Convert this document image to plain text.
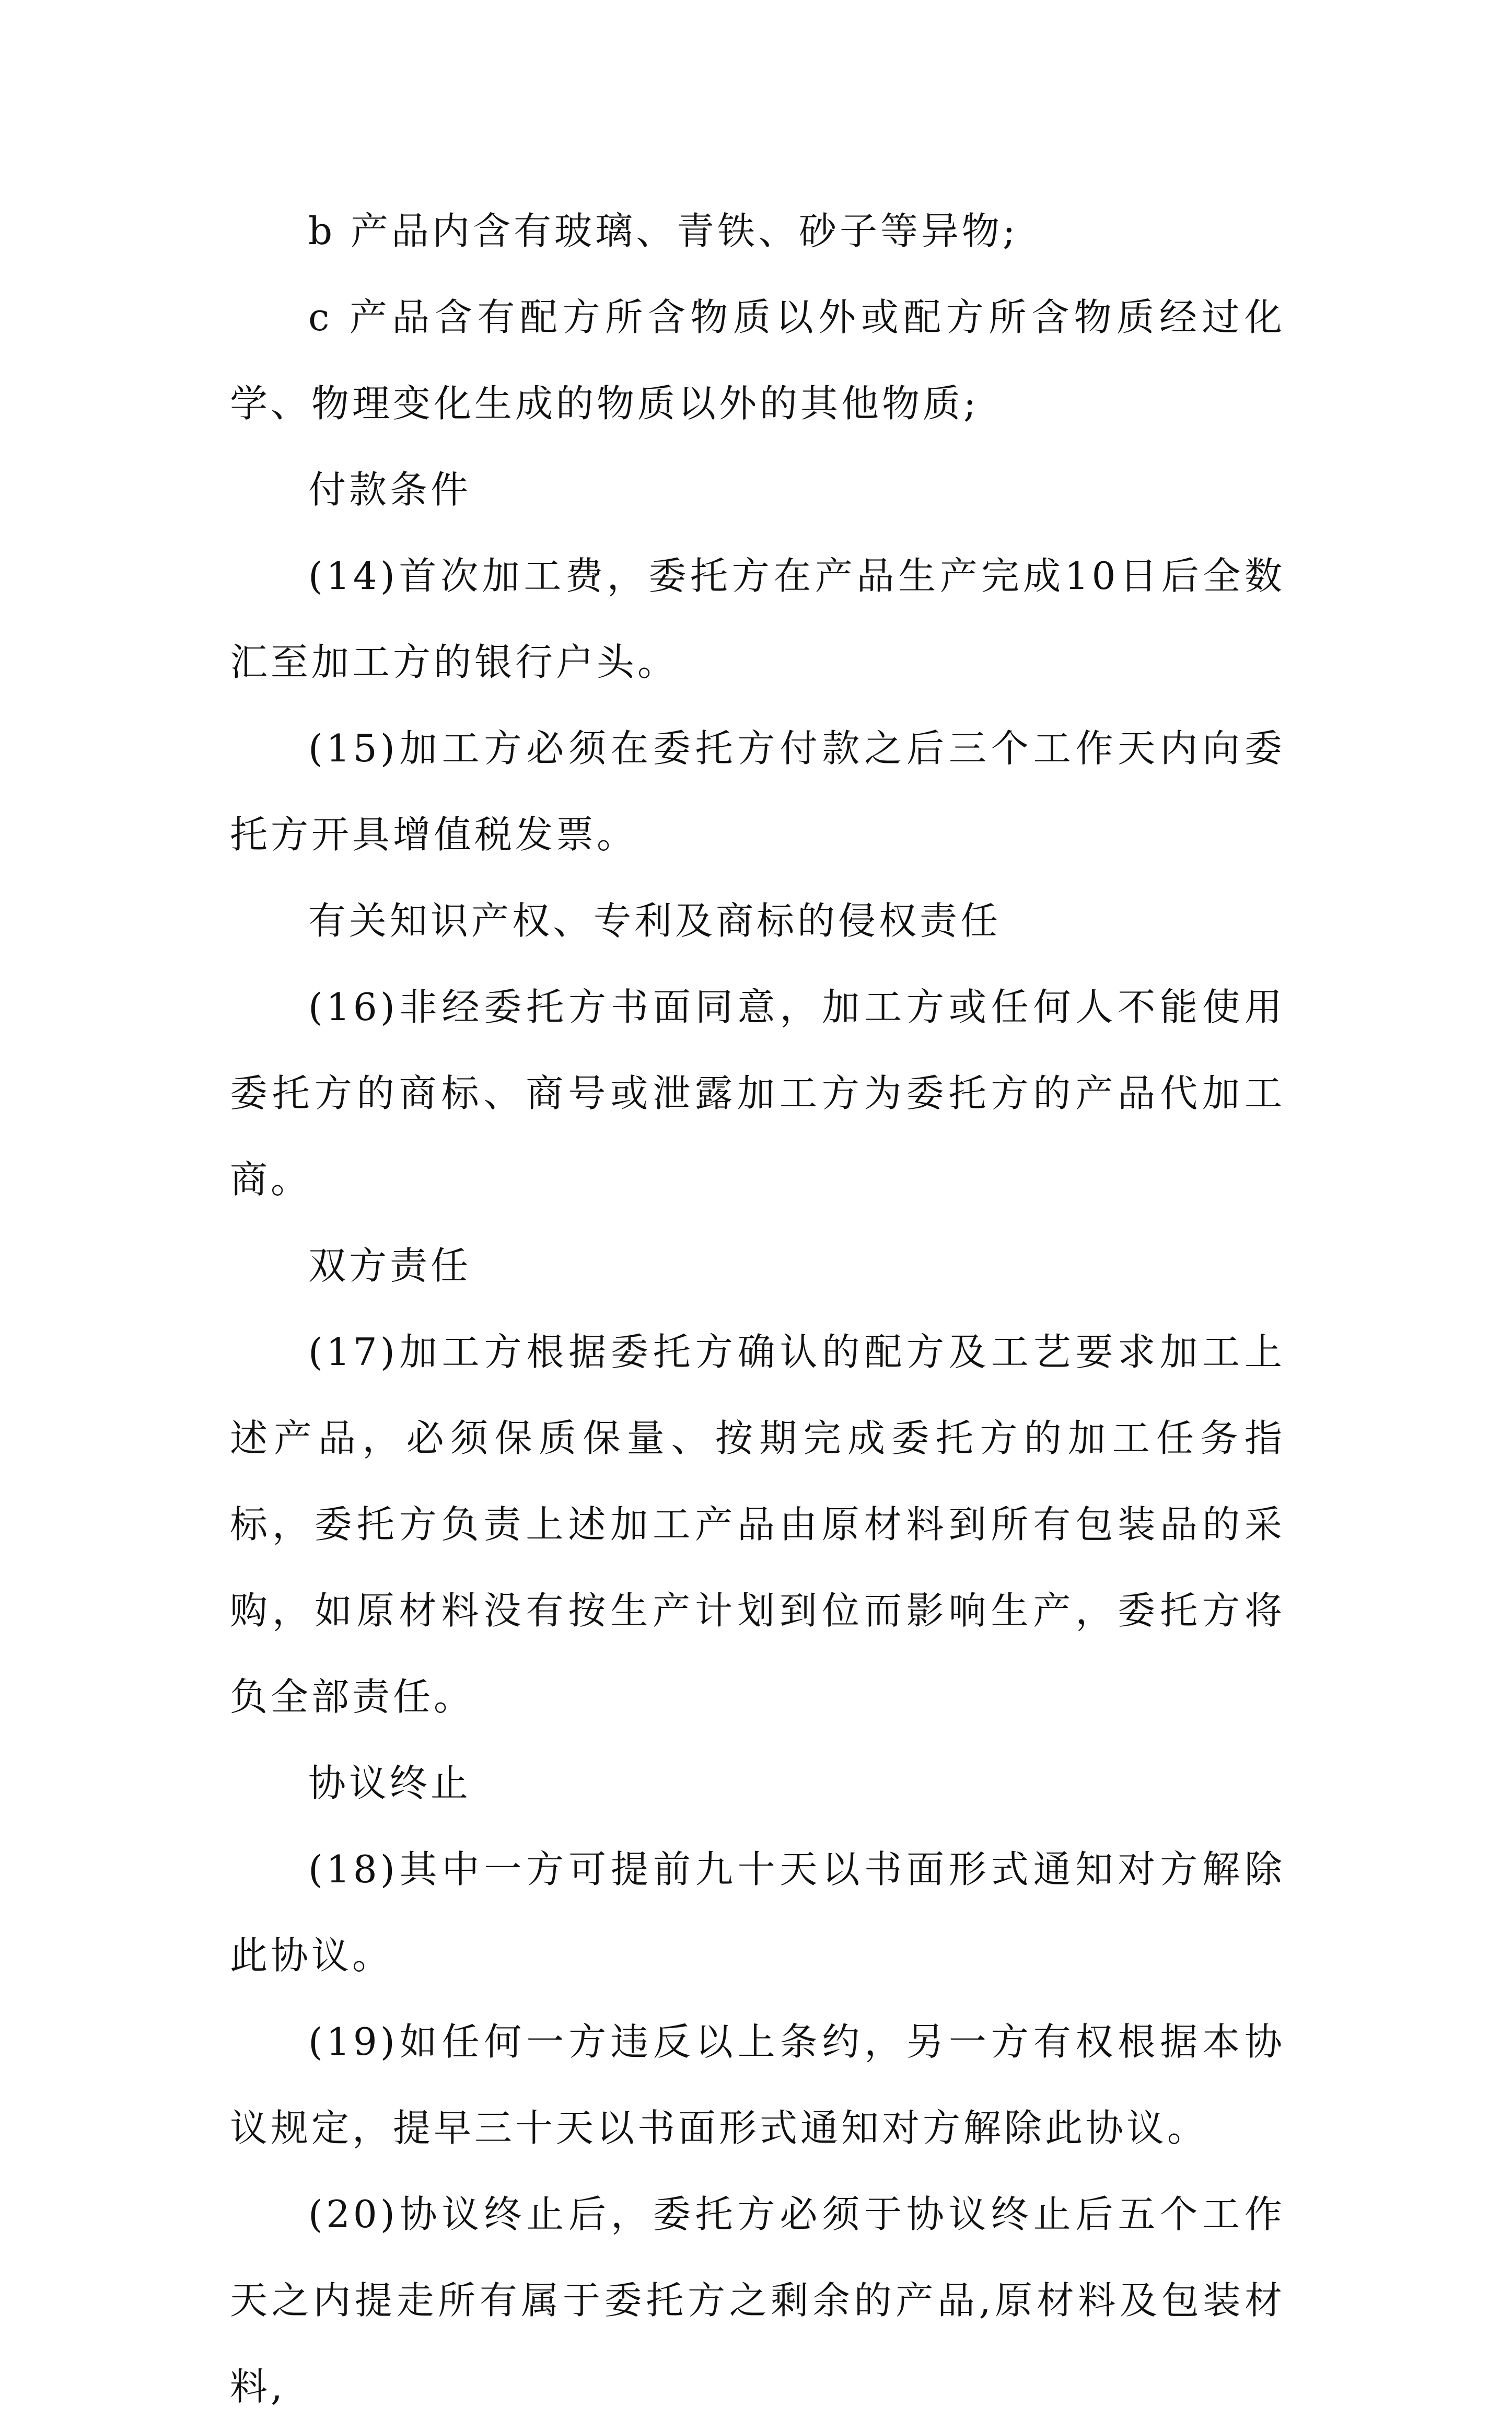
b 产品内含有玻璃、青铁、砂子等异物;

c 产品含有配方所含物质以外或配方所含物质经过化学、物理变化生成的物质以外的其他物质;

付款条件

(14)首次加工费，委托方在产品生产完成10日后全数汇至加工方的银行户头。

(15)加工方必须在委托方付款之后三个工作天内向委托方开具增值税发票。

有关知识产权、专利及商标的侵权责任

(16)非经委托方书面同意，加工方或任何人不能使用委托方的商标、商号或泄露加工方为委托方的产品代加工商。

双方责任

(17)加工方根据委托方确认的配方及工艺要求加工上述产品，必须保质保量、按期完成委托方的加工任务指标，委托方负责上述加工产品由原材料到所有包装品的采购，如原材料没有按生产计划到位而影响生产，委托方将负全部责任。

协议终止

(18)其中一方可提前九十天以书面形式通知对方解除此协议。

(19)如任何一方违反以上条约，另一方有权根据本协议规定，提早三十天以书面形式通知对方解除此协议。

(20)协议终止后，委托方必须于协议终止后五个工作天之内提走所有属于委托方之剩余的产品,原材料及包装材料,
